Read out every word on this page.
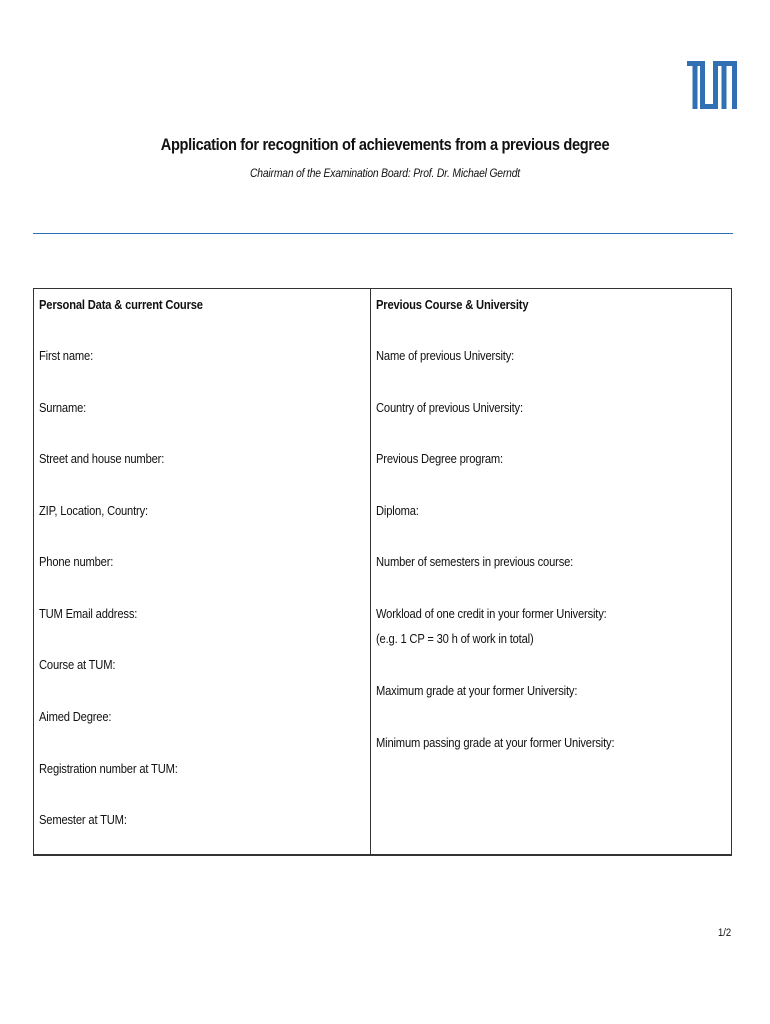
Application for recognition of achievements from a previous degree
Chairman of the Examination Board: Prof. Dr. Michael Gerndt
Personal Data & current Course
First name:
Surname:
Street and house number:
ZIP, Location, Country:
Phone number:
TUM Email address:
Course at TUM:
Aimed Degree:
Registration number at TUM:
Semester at TUM:
Previous Course & University
Name of previous University:
Country of previous University:
Previous Degree program:
Diploma:
Number of semesters in previous course:
Workload of one credit in your former University:
(e.g. 1 CP = 30 h of work in total)
Maximum grade at your former University:
Minimum passing grade at your former University:
1/2
